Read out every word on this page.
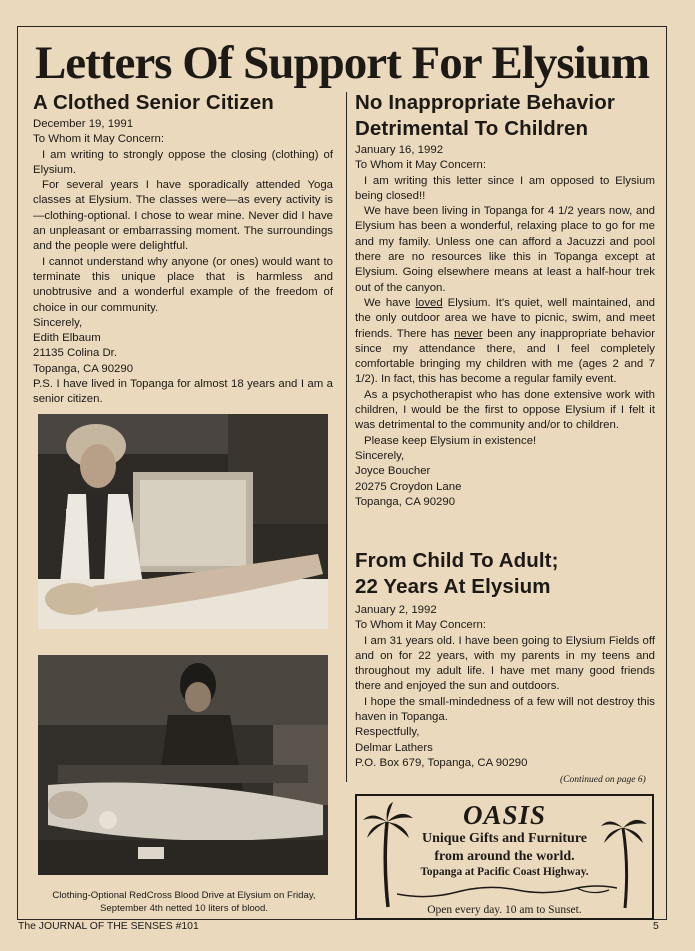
Letters Of Support For Elysium
A Clothed Senior Citizen

December 19, 1991

To Whom it May Concern:

I am writing to strongly oppose the closing (clothing) of Elysium.

For several years I have sporadically attended Yoga classes at Elysium. The classes were—as every activity is—clothing-optional. I chose to wear mine. Never did I have an unpleasant or embarrassing moment. The surroundings and the people were delightful.

I cannot understand why anyone (or ones) would want to terminate this unique place that is harmless and unobtrusive and a wonderful example of the freedom of choice in our community.

Sincerely,

Edith Elbaum

21135 Colina Dr.

Topanga, CA 90290

P.S. I have lived in Topanga for almost 18 years and I am a senior citizen.

Clothing-Optional RedCross Blood Drive at Elysium on Friday, September 4th netted 10 liters of blood.
No Inappropriate Behavior
Detrimental To Children

January 16, 1992

To Whom it May Concern:

I am writing this letter since I am opposed to Elysium being closed!!

We have been living in Topanga for 4 1/2 years now, and Elysium has been a wonderful, relaxing place to go for me and my family. Unless one can afford a Jacuzzi and pool there are no resources like this in Topanga except at Elysium. Going elsewhere means at least a half-hour trek out of the canyon.

We have loved Elysium. It's quiet, well maintained, and the only outdoor area we have to picnic, swim, and meet friends. There has never been any inappropriate behavior since my attendance there, and I feel completely comfortable bringing my children with me (ages 2 and 7 1/2). In fact, this has become a regular family event.

As a psychotherapist who has done extensive work with children, I would be the first to oppose Elysium if I felt it was detrimental to the community and/or to children.

Please keep Elysium in existence!

Sincerely,

Joyce Boucher

20275 Croydon Lane

Topanga, CA 90290

From Child To Adult;
22 Years At Elysium

January 2, 1992

To Whom it May Concern:

I am 31 years old. I have been going to Elysium Fields off and on for 22 years, with my parents in my teens and throughout my adult life. I have met many good friends there and enjoyed the sun and outdoors.

I hope the small-mindedness of a few will not destroy this haven in Topanga.

Respectfully,

Delmar Lathers

P.O. Box 679, Topanga, CA 90290

(Continued on page 6)
OASIS
Unique Gifts and Furniture
from around the world.
Topanga at Pacific Coast Highway.
Open every day. 10 am to Sunset.
The JOURNAL OF THE SENSES #101	5
